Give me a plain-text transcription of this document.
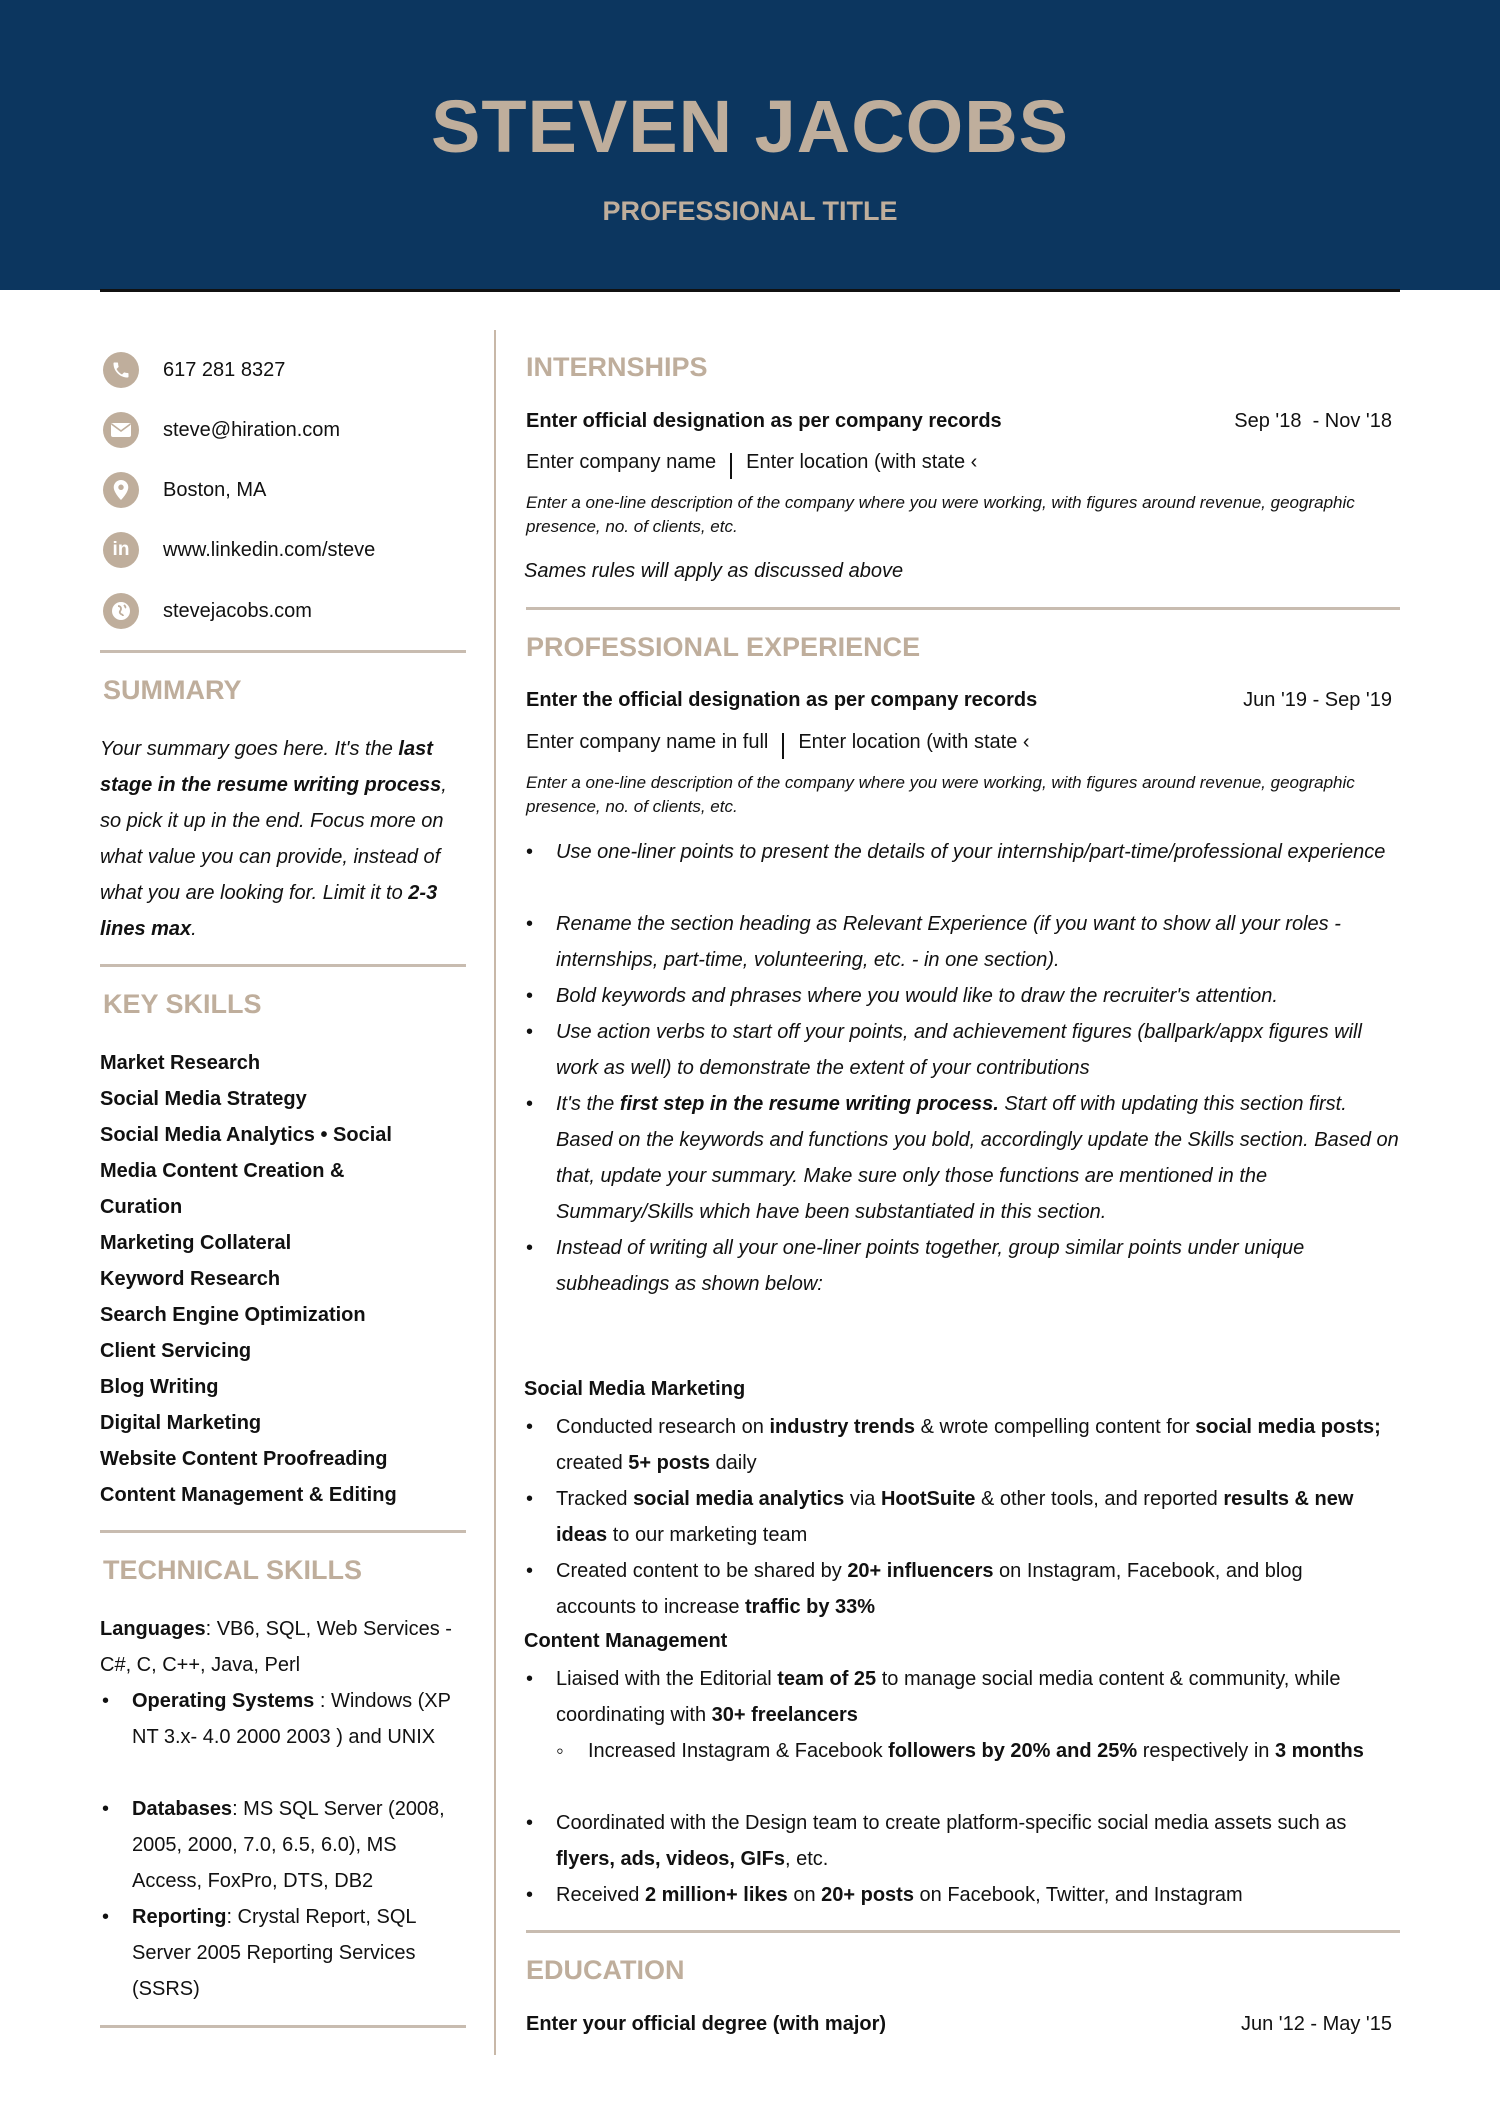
STEVEN JACOBS
PROFESSIONAL TITLE
617 281 8327
steve@hiration.com
Boston, MA
in www.linkedin.com/steve
stevejacobs.com
SUMMARY
Your summary goes here. It's the last stage in the resume writing process, so pick it up in the end. Focus more on what value you can provide, instead of what you are looking for. Limit it to 2-3 lines max.
KEY SKILLS
Market Research
Social Media Strategy
Social Media Analytics • Social Media Content Creation & Curation
Marketing Collateral
Keyword Research
Search Engine Optimization
Client Servicing
Blog Writing
Digital Marketing
Website Content Proofreading
Content Management & Editing
TECHNICAL SKILLS
Languages: VB6, SQL, Web Services - C#, C, C++, Java, Perl
• Operating Systems : Windows (XP NT 3.x- 4.0 2000 2003 ) and UNIX
• Databases: MS SQL Server (2008, 2005, 2000, 7.0, 6.5, 6.0), MS Access, FoxPro, DTS, DB2
• Reporting: Crystal Report, SQL Server 2005 Reporting Services (SSRS)
INTERNSHIPS
Enter official designation as per company records	Sep '18  - Nov '18
Enter company name Enter location (with state ‹
Enter a one-line description of the company where you were working, with figures around revenue, geographic presence, no. of clients, etc.
Sames rules will apply as discussed above
PROFESSIONAL EXPERIENCE
Enter the official designation as per company records	Jun '19 - Sep '19
Enter company name in full Enter location (with state ‹
Enter a one-line description of the company where you were working, with figures around revenue, geographic presence, no. of clients, etc.
• Use one-liner points to present the details of your internship/part-time/professional experience
• Rename the section heading as Relevant Experience (if you want to show all your roles - internships, part-time, volunteering, etc. - in one section).
• Bold keywords and phrases where you would like to draw the recruiter's attention.
• Use action verbs to start off your points, and achievement figures (ballpark/appx figures will work as well) to demonstrate the extent of your contributions
• It's the first step in the resume writing process. Start off with updating this section first. Based on the keywords and functions you bold, accordingly update the Skills section. Based on that, update your summary. Make sure only those functions are mentioned in the Summary/Skills which have been substantiated in this section.
• Instead of writing all your one-liner points together, group similar points under unique subheadings as shown below:
Social Media Marketing
• Conducted research on industry trends & wrote compelling content for social media posts; created 5+ posts daily
• Tracked social media analytics via HootSuite & other tools, and reported results & new ideas to our marketing team
• Created content to be shared by 20+ influencers on Instagram, Facebook, and blog accounts to increase traffic by 33%
Content Management
• Liaised with the Editorial team of 25 to manage social media content & community, while coordinating with 30+ freelancers
◦ Increased Instagram & Facebook followers by 20% and 25% respectively in 3 months
• Coordinated with the Design team to create platform-specific social media assets such as flyers, ads, videos, GIFs, etc.
• Received 2 million+ likes on 20+ posts on Facebook, Twitter, and Instagram
EDUCATION
Enter your official degree (with major)	Jun '12 - May '15
